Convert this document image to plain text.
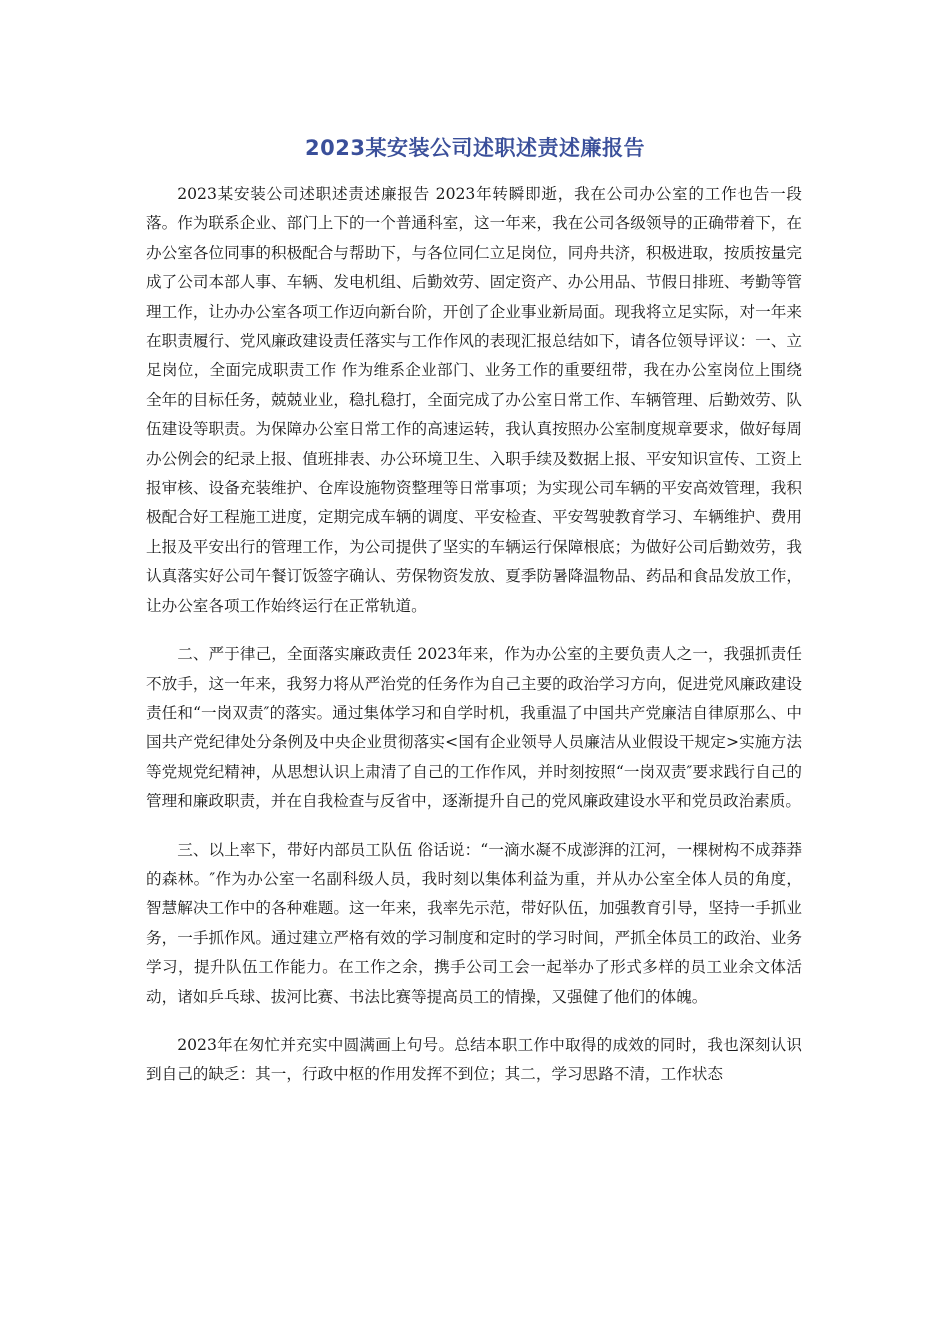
2023某安装公司述职述责述廉报告

2023某安装公司述职述责述廉报告 2023年转瞬即逝，我在公司办公室的工作也告一段落。作为联系企业、部门上下的一个普通科室，这一年来，我在公司各级领导的正确带着下，在办公室各位同事的积极配合与帮助下，与各位同仁立足岗位，同舟共济，积极进取，按质按量完成了公司本部人事、车辆、发电机组、后勤效劳、固定资产、办公用品、节假日排班、考勤等管理工作，让办办公室各项工作迈向新台阶，开创了企业事业新局面。现我将立足实际，对一年来在职责履行、党风廉政建设责任落实与工作作风的表现汇报总结如下，请各位领导评议：一、立足岗位，全面完成职责工作 作为维系企业部门、业务工作的重要纽带，我在办公室岗位上围绕全年的目标任务，兢兢业业，稳扎稳打，全面完成了办公室日常工作、车辆管理、后勤效劳、队伍建设等职责。为保障办公室日常工作的高速运转，我认真按照办公室制度规章要求，做好每周办公例会的纪录上报、值班排表、办公环境卫生、入职手续及数据上报、平安知识宣传、工资上报审核、设备充装维护、仓库设施物资整理等日常事项；为实现公司车辆的平安高效管理，我积极配合好工程施工进度，定期完成车辆的调度、平安检查、平安驾驶教育学习、车辆维护、费用上报及平安出行的管理工作，为公司提供了坚实的车辆运行保障根底；为做好公司后勤效劳，我认真落实好公司午餐订饭签字确认、劳保物资发放、夏季防暑降温物品、药品和食品发放工作，让办公室各项工作始终运行在正常轨道。

二、严于律己，全面落实廉政责任 2023年来，作为办公室的主要负责人之一，我强抓责任不放手，这一年来，我努力将从严治党的任务作为自己主要的政治学习方向，促进党风廉政建设责任和“一岗双责″的落实。通过集体学习和自学时机，我重温了中国共产党廉洁自律原那么、中国共产党纪律处分条例及中央企业贯彻落实<国有企业领导人员廉洁从业假设干规定>实施方法等党规党纪精神，从思想认识上肃清了自己的工作作风，并时刻按照“一岗双责″要求践行自己的管理和廉政职责，并在自我检查与反省中，逐渐提升自己的党风廉政建设水平和党员政治素质。

三、以上率下，带好内部员工队伍 俗话说：“一滴水凝不成澎湃的江河，一棵树构不成莽莽的森林。″作为办公室一名副科级人员，我时刻以集体利益为重，并从办公室全体人员的角度，智慧解决工作中的各种难题。这一年来，我率先示范，带好队伍，加强教育引导，坚持一手抓业务，一手抓作风。通过建立严格有效的学习制度和定时的学习时间，严抓全体员工的政治、业务学习，提升队伍工作能力。在工作之余，携手公司工会一起举办了形式多样的员工业余文体活动，诸如乒乓球、拔河比赛、书法比赛等提高员工的情操，又强健了他们的体魄。

2023年在匆忙并充实中圆满画上句号。总结本职工作中取得的成效的同时，我也深刻认识到自己的缺乏：其一，行政中枢的作用发挥不到位；其二，学习思路不清，工作状态
